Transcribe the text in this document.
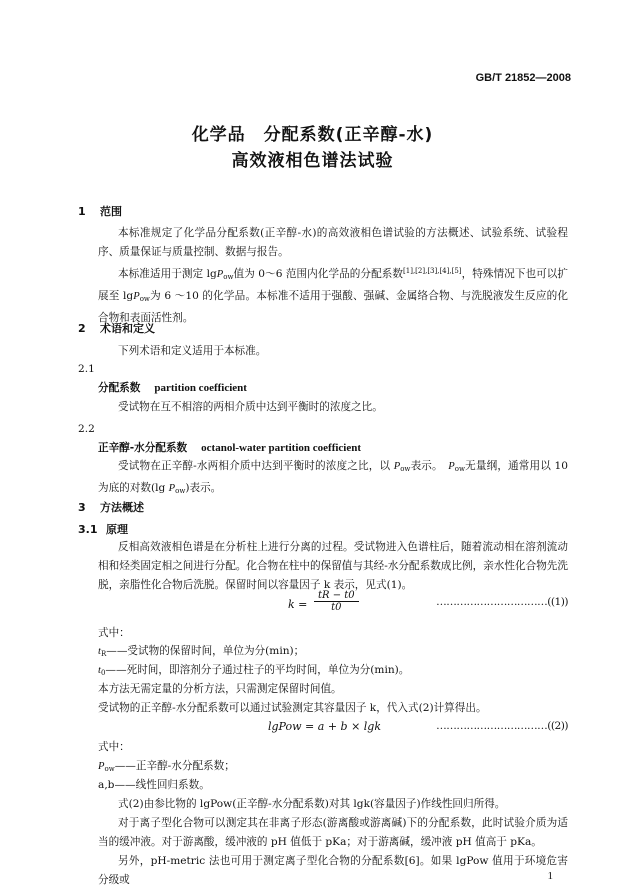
GB/T 21852—2008
化学品　分配系数(正辛醇-水)
高效液相色谱法试验
1 范围
本标准规定了化学品分配系数(正辛醇-水)的高效液相色谱试验的方法概述、试验系统、试验程序、质量保证与质量控制、数据与报告。
本标准适用于测定 lgP$_{ow}$值为 0～6 范围内化学品的分配系数[1],[2],[3],[4],[5]，特殊情况下也可以扩展至 lgP$_{ow}$为 6 ～10 的化学品。本标准不适用于强酸、强碱、金属络合物、与洗脱液发生反应的化合物和表面活性剂。
2 术语和定义
下列术语和定义适用于本标准。
2.1
分配系数 partition coefficient
受试物在互不相溶的两相介质中达到平衡时的浓度之比。
2.2
正辛醇-水分配系数 octanol-water partition coefficient
受试物在正辛醇-水两相介质中达到平衡时的浓度之比，以 $P_{ow}$表示。　 $P_{ow}$无量纲，通常用以 10 为底的对数(lg $P_{ow}$)表示。
3 方法概述
3.1 原理
反相高效液相色谱是在分析柱上进行分离的过程。受试物进入色谱柱后，随着流动相在溶剂流动相和烃类固定相之间进行分配。化合物在柱中的保留值与其经-水分配系数成比例，亲水性化合物先洗脱，亲脂性化合物后洗脱。保留时间以容量因子 k 表示，见式(1)。
$k = \frac{tR - t0}{t0}$	……………………………((1))
式中：
$t_R——$受试物的保留时间，单位为分(min)；
$t_0——$死时间，即溶剂分子通过柱子的平均时间，单位为分(min)。
本方法无需定量的分析方法，只需测定保留时间值。
受试物的正辛醇-水分配系数可以通过试验测定其容量因子 k，代入式(2)计算得出。
lgPow = a + b × lgk	……………………………((2))
式中：
$P_{ow}——$正辛醇-水分配系数；
a,b——线性回归系数。
式(2)由参比物的 lgPow(正辛醇-水分配系数)对其 lgk(容量因子)作线性回归所得。
对于离子型化合物可以测定其在非离子形态(游离酸或游离碱)下的分配系数，此时试验介质为适当的缓冲液。对于游离酸，缓冲液的 pH 值低于 pKa；对于游离碱，缓冲液 pH 值高于 pKa。
另外，pH-metric 法也可用于测定离子型化合物的分配系数[6]。如果 lgPow 值用于环境危害分级或	1
